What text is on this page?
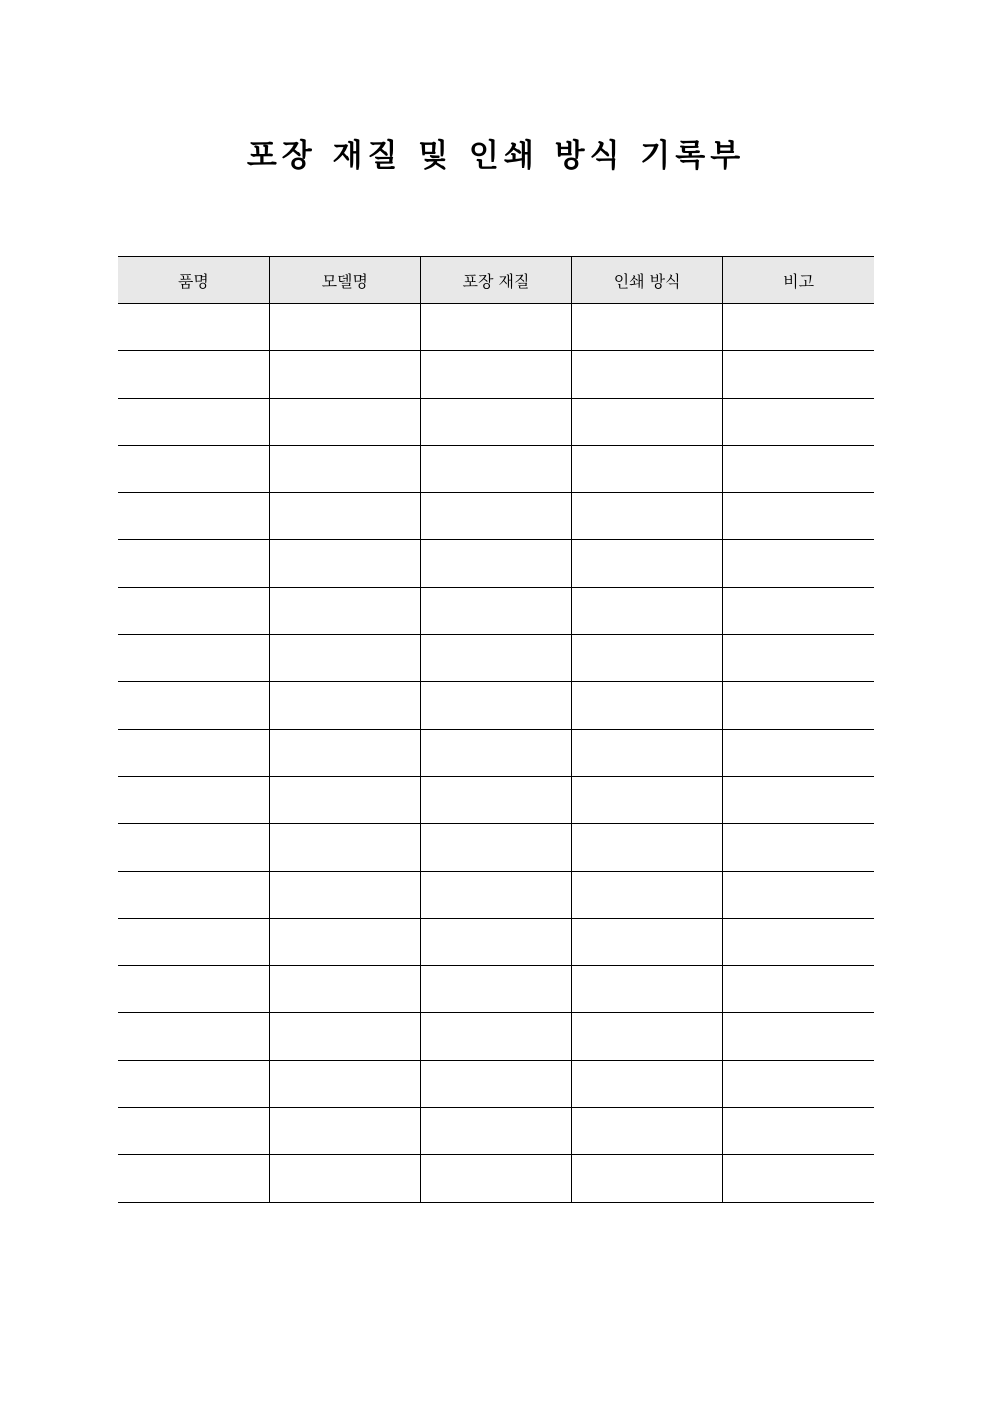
포장 재질 및 인쇄 방식 기록부
품명	모델명	포장 재질	인쇄 방식	비고
